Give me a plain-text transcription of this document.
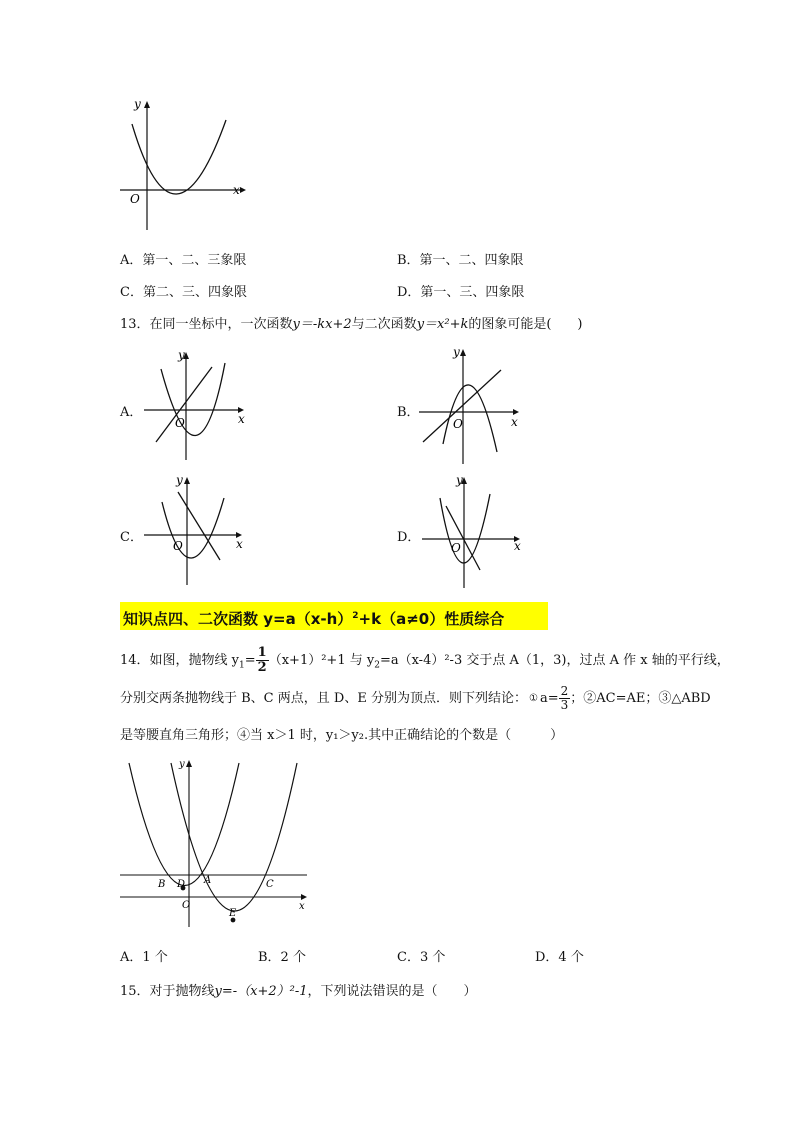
y
x
O
A．第一、二、三象限	B．第一、二、四象限
C．第二、三、四象限	D．第一、三、四象限
13．在同一坐标中，一次函数y＝-kx+2与二次函数y＝x²+k的图象可能是(　　)
A．
y
x
O
B．
y
x
O
C．
y
x
O
D．
y
x
O
知识点四、二次函数 $y=a(x-h)^2+k(a\ne 0)$性质综合
14．如图，抛物线 $y_1= \frac{1}{2} (x+1)^2+1$ 与 $y_2=a(x-4)^2-3$ 交于点 A（1，3)，过点 A 作 x 轴的平行线，
分别交两条抛物线于 B、C 两点，且 D、E 分别为顶点．则下列结论： ① $a= \frac{2}{3}$ ；②AC=AE；③△ABD
是等腰直角三角形；④当 x＞1 时，y₁＞y₂.其中正确结论的个数是（　　　）
y
x
O
B D A	C
E
A．1 个	B．2 个	C．3 个	D．4 个
15．对于抛物线y=-（x+2）²-1，下列说法错误的是（　　）
